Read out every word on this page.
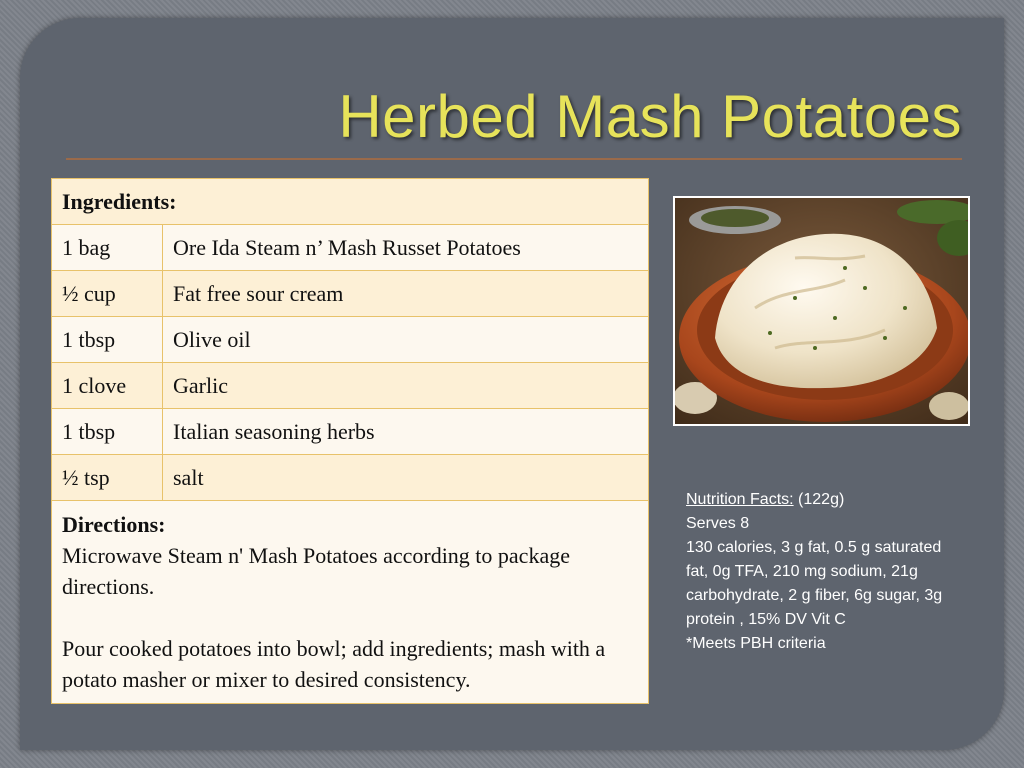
Herbed Mash Potatoes
Ingredients:	
1 bag	Ore Ida Steam n’ Mash Russet Potatoes
½ cup	Fat free sour cream
1 tbsp	Olive oil
1 clove	Garlic
1 tbsp	Italian seasoning herbs
½ tsp	salt

Directions:
Microwave Steam n' Mash Potatoes according to package directions.
Pour cooked potatoes into bowl; add ingredients; mash with a potato masher or mixer to desired consistency.	
Nutrition Facts: (122g)
Serves 8
130 calories, 3 g fat, 0.5 g saturated fat, 0g TFA, 210 mg sodium, 21g carbohydrate, 2 g fiber, 6g sugar, 3g protein , 15% DV Vit C
*Meets PBH criteria
